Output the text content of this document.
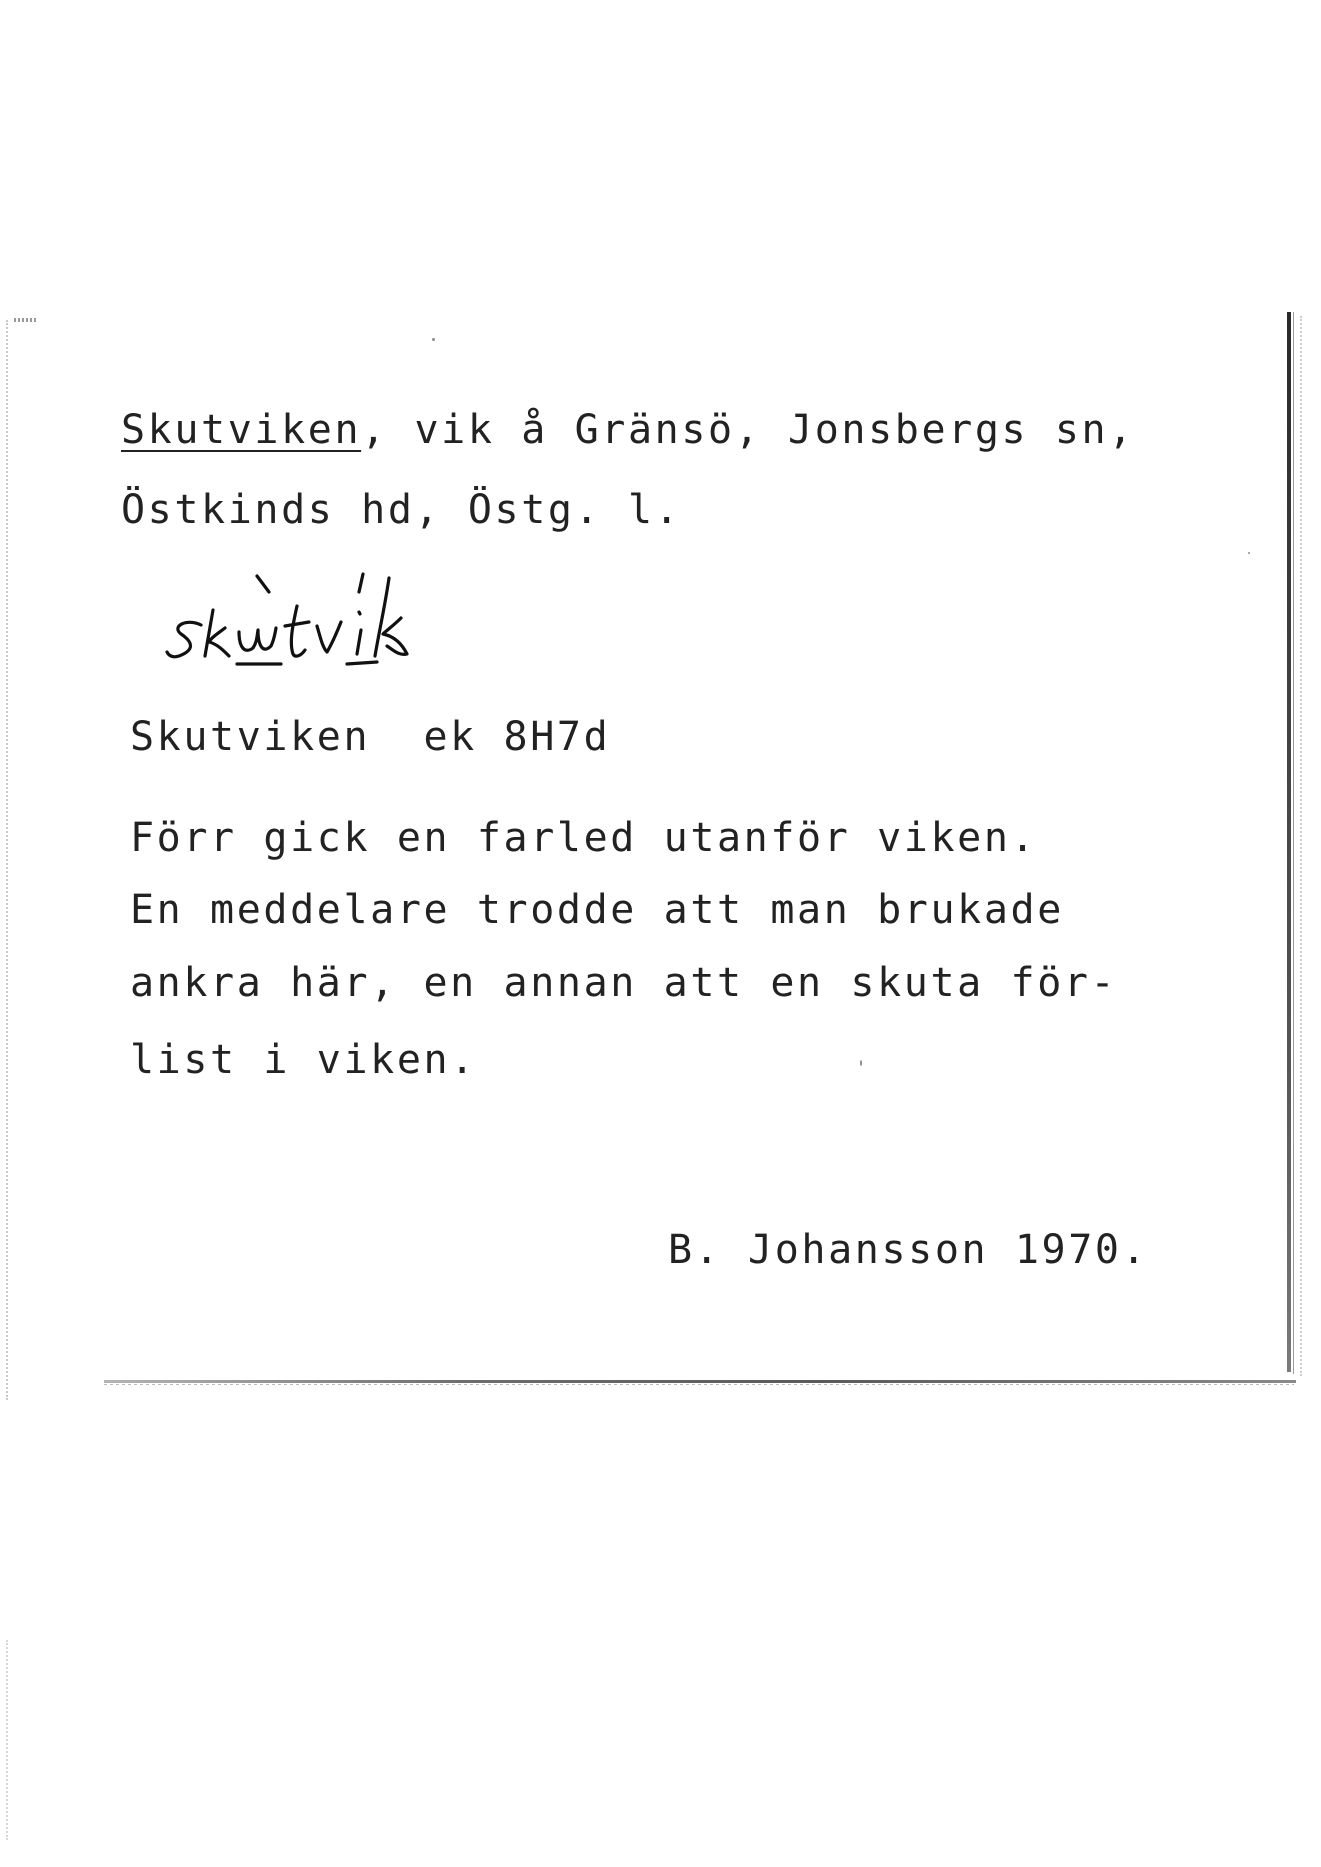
Skutviken, vik å Gränsö, Jonsbergs sn,
Östkinds hd, Östg. l.
Skutviken  ek 8H7d
Förr gick en farled utanför viken.
En meddelare trodde att man brukade
ankra här, en annan att en skuta för-
list i viken.
B. Johansson 1970.
